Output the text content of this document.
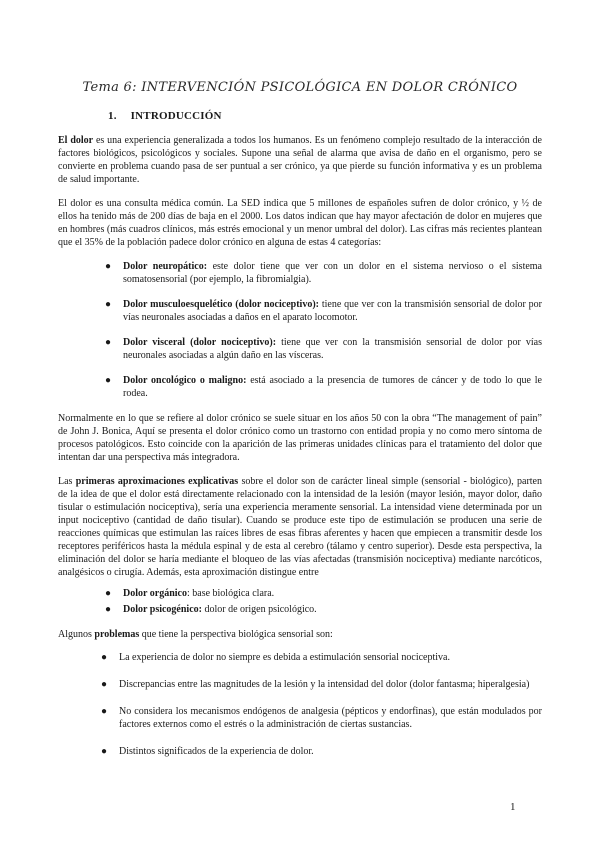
Tema 6: INTERVENCIÓN PSICOLÓGICA EN DOLOR CRÓNICO
1. INTRODUCCIÓN

El dolor es una experiencia generalizada a todos los humanos. Es un fenómeno complejo resultado de la interacción de factores biológicos, psicológicos y sociales. Supone una señal de alarma que avisa de daño en el organismo, pero se convierte en problema cuando pasa de ser puntual a ser crónico, ya que pierde su función informativa y es un problema de salud importante.

El dolor es una consulta médica común. La SED indica que 5 millones de españoles sufren de dolor crónico, y ½ de ellos ha tenido más de 200 días de baja en el 2000. Los datos indican que hay mayor afectación de dolor en mujeres que en hombres (más cuadros clínicos, más estrés emocional y un menor umbral del dolor). Las cifras más recientes plantean que el 35% de la población padece dolor crónico en alguna de estas 4 categorías:

● Dolor neuropático: este dolor tiene que ver con un dolor en el sistema nervioso o el sistema somatosensorial (por ejemplo, la fibromialgia).
● Dolor musculoesquelético (dolor nociceptivo): tiene que ver con la transmisión sensorial de dolor por vías neuronales asociadas a daños en el aparato locomotor.
● Dolor visceral (dolor nociceptivo): tiene que ver con la transmisión sensorial de dolor por vías neuronales asociadas a algún daño en las vísceras.
● Dolor oncológico o maligno: está asociado a la presencia de tumores de cáncer y de todo lo que le rodea.

Normalmente en lo que se refiere al dolor crónico se suele situar en los años 50 con la obra “The management of pain” de John J. Bonica, Aquí se presenta el dolor crónico como un trastorno con entidad propia y no como mero síntoma de procesos patológicos. Esto coincide con la aparición de las primeras unidades clínicas para el tratamiento del dolor que intentan dar una perspectiva más integradora.

Las primeras aproximaciones explicativas sobre el dolor son de carácter lineal simple (sensorial - biológico), parten de la idea de que el dolor está directamente relacionado con la intensidad de la lesión (mayor lesión, mayor dolor, daño tisular o estimulación nociceptiva), sería una experiencia meramente sensorial. La intensidad viene determinada por un input nociceptivo (cantidad de daño tisular). Cuando se produce este tipo de estimulación se producen una serie de reacciones químicas que estimulan las raíces libres de esas fibras aferentes y hacen que empiecen a transmitir desde los receptores periféricos hasta la médula espinal y de esta al cerebro (tálamo y centro superior). Desde esta perspectiva, la eliminación del dolor se haría mediante el bloqueo de las vías afectadas (transmisión nociceptiva) mediante narcóticos, analgésicos o cirugía. Además, esta aproximación distingue entre

● Dolor orgánico: base biológica clara.
● Dolor psicogénico: dolor de origen psicológico.

Algunos problemas que tiene la perspectiva biológica sensorial son:

● La experiencia de dolor no siempre es debida a estimulación sensorial nociceptiva.
● Discrepancias entre las magnitudes de la lesión y la intensidad del dolor (dolor fantasma; hiperalgesia)
● No considera los mecanismos endógenos de analgesia (pépticos y endorfinas), que están modulados por factores externos como el estrés o la administración de ciertas sustancias.
● Distintos significados de la experiencia de dolor.
1
